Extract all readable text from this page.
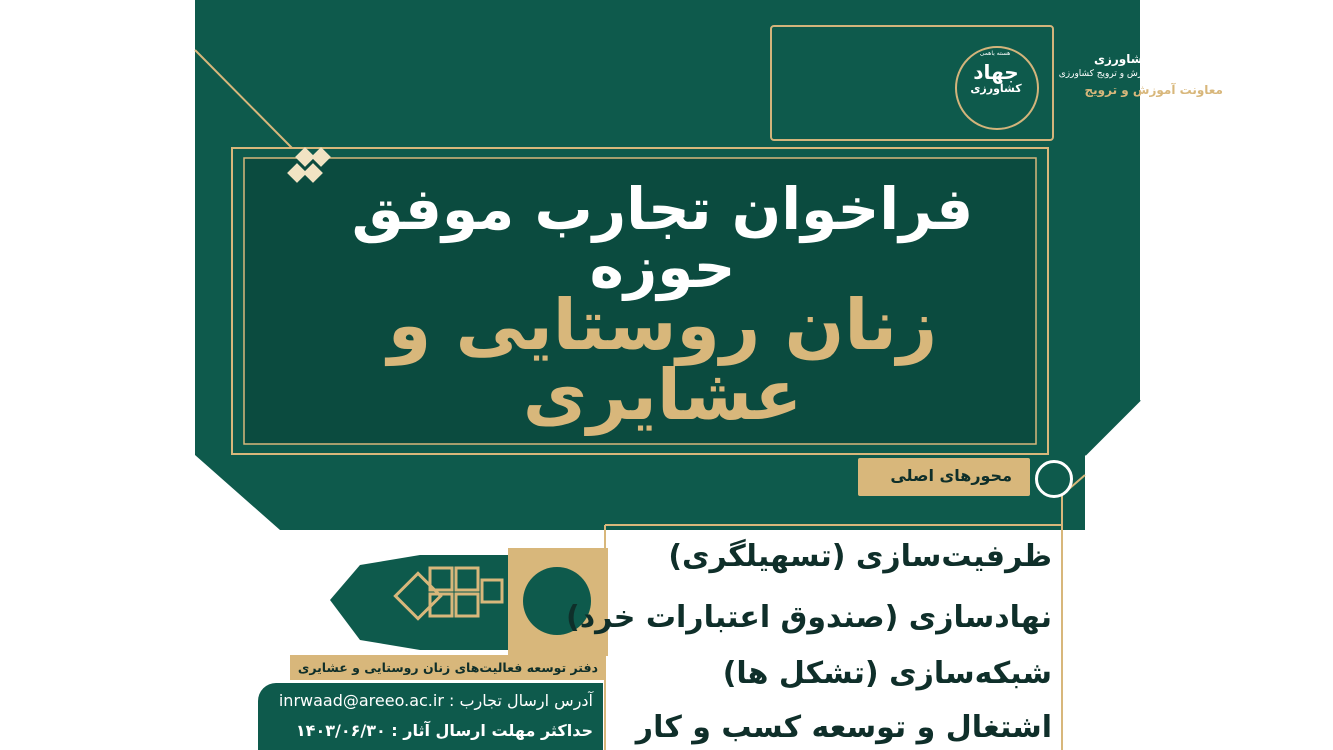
وزارت جهاد کشاورزی
سازمان تحقیقات، آموزش و ترویج کشاورزی
معاونت آموزش و ترویج
هسته باهمی
جهاد
کشاورزی
فراخوان تجارب موفق حوزه
زنان روستایی و عشایری
محورهای اصلی
ظرفیت‌سازی (تسهیلگری)
نهادسازی (صندوق اعتبارات خرد)
شبکه‌سازی (تشکل ها)
اشتغال و توسعه کسب و کار
دفتر توسعه فعالیت‌های زنان روستایی و عشایری
آدرس ارسال تجارب : inrwaad@areeo.ac.ir
حداکثر مهلت ارسال آثار : ۱۴۰۳/۰۶/۳۰
